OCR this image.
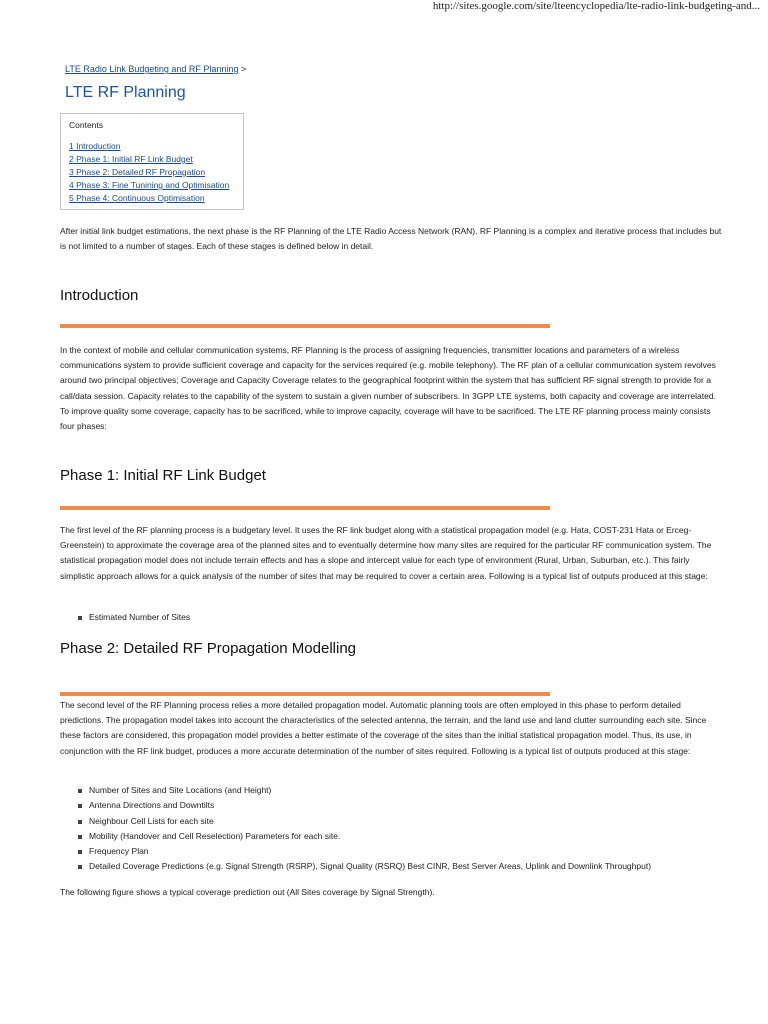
http://sites.google.com/site/lteencyclopedia/lte-radio-link-budgeting-and...
LTE Radio Link Budgeting and RF Planning >
LTE RF Planning
Contents
1 Introduction
2 Phase 1: Initial RF Link Budget
3 Phase 2: Detailed RF Propagation
4 Phase 3: Fine Tunining and Optimisation
5 Phase 4: Continuous Optimisation

After initial link budget estimations, the next phase is the RF Planning of the LTE Radio Access Network (RAN). RF Planning is a complex and iterative process that includes but is not limited to a number of stages. Each of these stages is defined below in detail.

Introduction

In the context of mobile and cellular communication systems, RF Planning is the process of assigning frequencies, transmitter locations and parameters of a wireless communications system to provide sufficient coverage and capacity for the services required (e.g. mobile telephony). The RF plan of a cellular communication system revolves around two principal objectives; Coverage and Capacity Coverage relates to the geographical footprint within the system that has sufficient RF signal strength to provide for a call/data session. Capacity relates to the capability of the system to sustain a given number of subscribers. In 3GPP LTE systems, both capacity and coverage are interrelated. To improve quality some coverage, capacity has to be sacrificed, while to improve capacity, coverage will have to be sacrificed. The LTE RF planning process mainly consists four phases:

Phase 1: Initial RF Link Budget

The first level of the RF planning process is a budgetary level. It uses the RF link budget along with a statistical propagation model (e.g. Hata, COST-231 Hata or Erceg-Greenstein) to approximate the coverage area of the planned sites and to eventually determine how many sites are required for the particular RF communication system. The statistical propagation model does not include terrain effects and has a slope and intercept value for each type of environment (Rural, Urban, Suburban, etc.). This fairly simplistic approach allows for a quick analysis of the number of sites that may be required to cover a certain area. Following is a typical list of outputs produced at this stage:

Estimated Number of Sites
Phase 2: Detailed RF Propagation Modelling

The second level of the RF Planning process relies a more detailed propagation model. Automatic planning tools are often employed in this phase to perform detailed predictions. The propagation model takes into account the characteristics of the selected antenna, the terrain, and the land use and land clutter surrounding each site. Since these factors are considered, this propagation model provides a better estimate of the coverage of the sites than the initial statistical propagation model. Thus, its use, in conjunction with the RF link budget, produces a more accurate determination of the number of sites required. Following is a typical list of outputs produced at this stage:

Number of Sites and Site Locations (and Height)
Antenna Directions and Downtilts
Neighbour Cell Lists for each site
Mobility (Handover and Cell Reselection) Parameters for each site.
Frequency Plan
Detailed Coverage Predictions (e.g. Signal Strength (RSRP), Signal Quality (RSRQ) Best CINR, Best Server Areas, Uplink and Downlink Throughput)

The following figure shows a typical coverage prediction out (All Sites coverage by Signal Strength).
